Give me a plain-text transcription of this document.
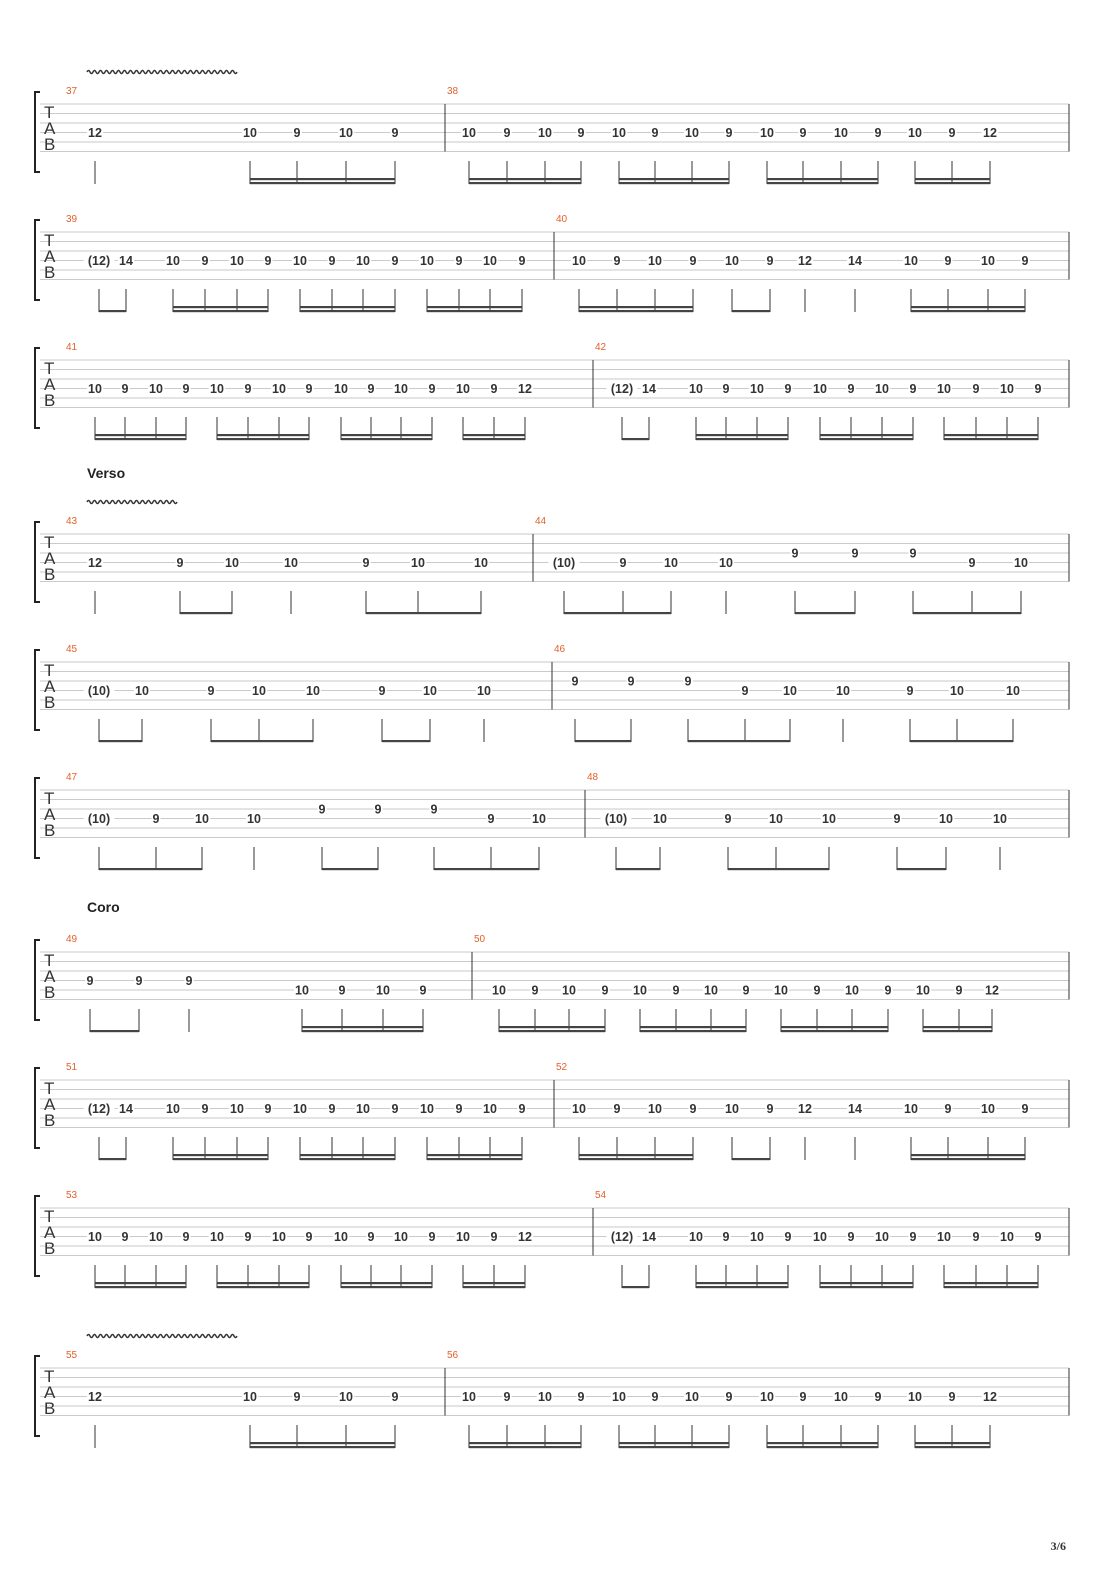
T
A
B
37
12	10	9	10	9
38
10 9 10 9 10 9 10 9 10 9 10 9 10 9 12
T
A
B
39
(12) 14	10 9 10 9 10 9 10 9 10 9 10 9
40
10 9 10 9 10 9 12	14	10 9 10 9
T
A
B
41
10 9 10 9 10 9 10 9 10 9 10 9 10 9 12
42
(12) 14	10 9 10 9 10 9 10 9 10 9 10 9
Verso
T
A
B
43
12	9	10	10	9	10	10
44
(10)	9	10	10
9	9	9
9	10
T
A
B
45
(10) 10	9	10	10	9	10	10
46
9	9	9
9	10	10	9	10	10
T
A
B
47
(10)	9	10	10
9	9	9
9	10
48
(10) 10	9	10	10	9	10	10
Coro
T
A
B
49
9	9	9
10 9 10 9
50
10 9 10 9 10 9 10 9 10 9 10 9 10 9 12
T
A
B
51
(12) 14	10 9 10 9 10 9 10 9 10 9 10 9
52
10 9 10 9 10 9 12	14	10 9 10 9
T
A
B
53
10 9 10 9 10 9 10 9 10 9 10 9 10 9 12
54
(12) 14	10 9 10 9 10 9 10 9 10 9 10 9
T
A
B
55
12	10	9	10	9
56
10 9 10 9 10 9 10 9 10 9 10 9 10 9 12
3/6
